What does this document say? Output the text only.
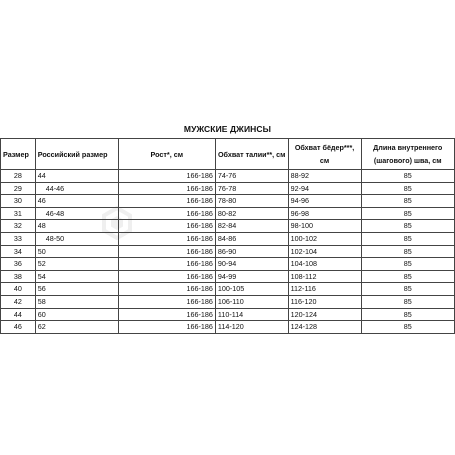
МУЖСКИЕ ДЖИНСЫ
Размер	Российский размер	Рост*, см	Обхват талии**, см	Обхват бёдер***, см	Длина внутреннего (шагового) шва, см
28	44	166-186	74-76	88-92	85
29	44-46	166-186	76-78	92-94	85
30	46	166-186	78-80	94-96	85
31	46-48	166-186	80-82	96-98	85
32	48	166-186	82-84	98-100	85
33	48-50	166-186	84-86	100-102	85
34	50	166-186	86-90	102-104	85
36	52	166-186	90-94	104-108	85
38	54	166-186	94-99	108-112	85
40	56	166-186	100-105	112-116	85
42	58	166-186	106-110	116-120	85
44	60	166-186	110-114	120-124	85
46	62	166-186	114-120	124-128	85
